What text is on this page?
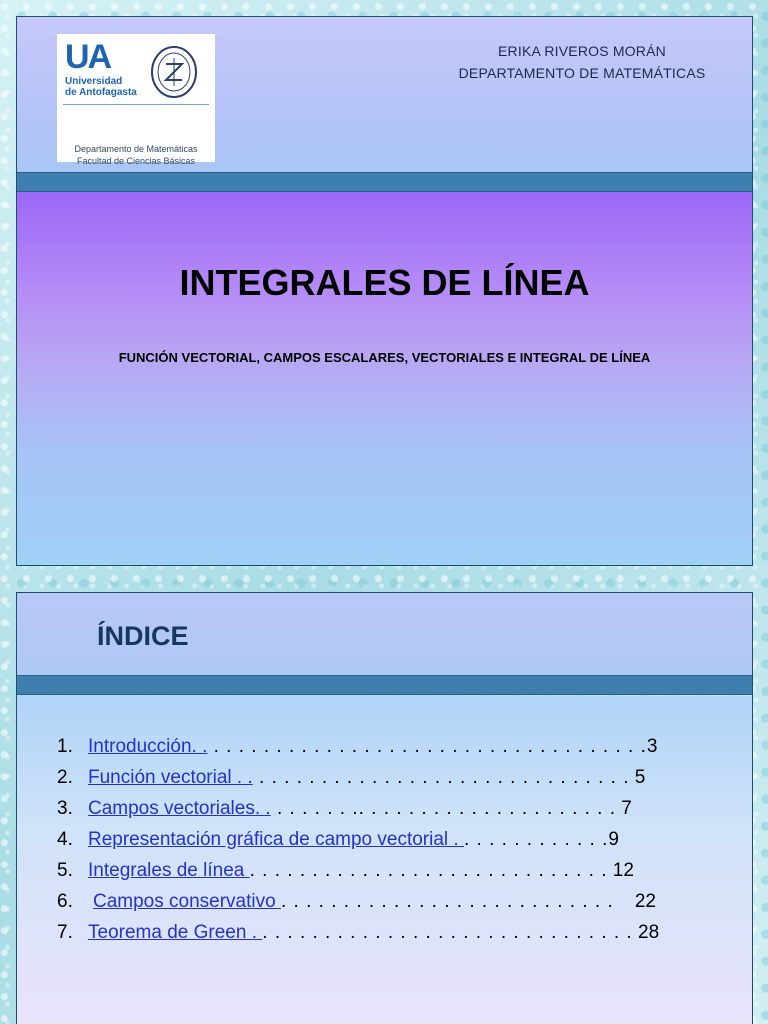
UA
Universidad
de Antofagasta
Departamento de Matemáticas
Facultad de Ciencias Básicas
ERIKA RIVEROS MORÁN
DEPARTAMENTO DE MATEMÁTICAS
INTEGRALES DE LÍNEA
FUNCIÓN VECTORIAL, CAMPOS ESCALARES, VECTORIALES E INTEGRAL DE LÍNEA
ÍNDICE
1. Introducción. . . . . . . . . . . . . . . . . . . . . . . . . . . . . . . . . . . . .3
2. Función vectorial . . . . . . . . . . . . . . . . . . . . . . . . . . . . . . . . 5
3. Campos vectoriales. . . . . . . . .. . . . . . . . . . . . . . . . . . . . . 7
4. Representación gráfica de campo vectorial . . . . . . . . . . . . .9
5. Integrales de línea . . . . . . . . . . . . . . . . . . . . . . . . . . . . . 12
6. Campos conservativo . . . . . . . . . . . . . . . . . . . . . . . . . . .    22
7. Teorema de Green . . . . . . . . . . . . . . . . . . . . . . . . . . . . . . . 28
